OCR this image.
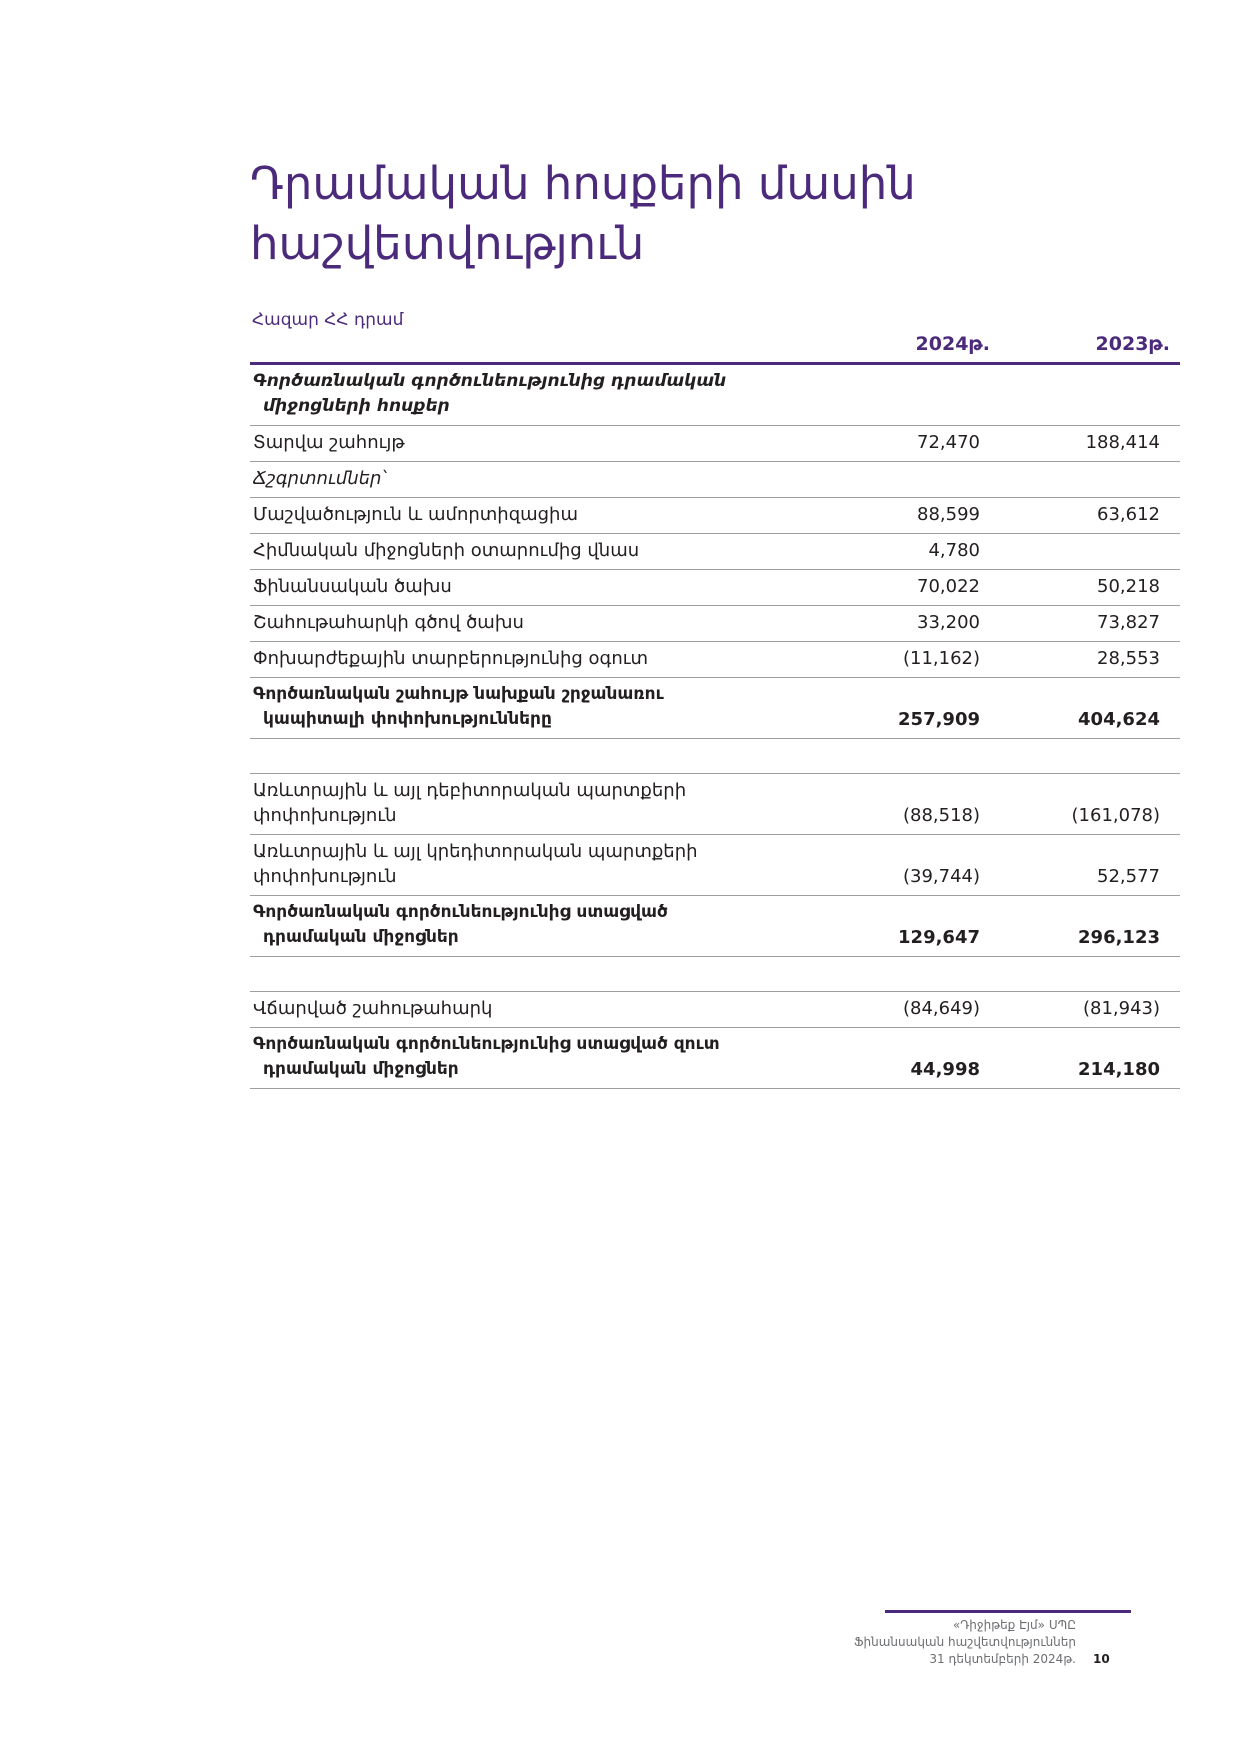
Դրամական հոսքերի մասին
հաշվետվություն
Հազար ՀՀ դրամ
2024թ.	2023թ.
Գործառնական գործունեությունից դրամական
միջոցների հոսքեր
Տարվա շահույթ	72,470	188,414
Ճշգրտումներ՝
Մաշվածություն և ամորտիզացիա	88,599	63,612
Հիմնական միջոցների օտարումից վնաս	4,780
Ֆինանսական ծախս	70,022	50,218
Շահութահարկի գծով ծախս	33,200	73,827
Փոխարժեքային տարբերությունից օգուտ	(11,162)	28,553
Գործառնական շահույթ նախքան շրջանառու
կապիտալի փոփոխությունները	257,909	404,624
Առևտրային և այլ դեբիտորական պարտքերի
փոփոխություն	(88,518)	(161,078)
Առևտրային և այլ կրեդիտորական պարտքերի
փոփոխություն	(39,744)	52,577
Գործառնական գործունեությունից ստացված
դրամական միջոցներ	129,647	296,123
Վճարված շահութահարկ	(84,649)	(81,943)
Գործառնական գործունեությունից ստացված զուտ
դրամական միջոցներ	44,998	214,180
«Դիջիթեք Էյմ» ՍՊԸ
Ֆինանսական հաշվետվություններ
31 դեկտեմբերի 2024թ. 10
